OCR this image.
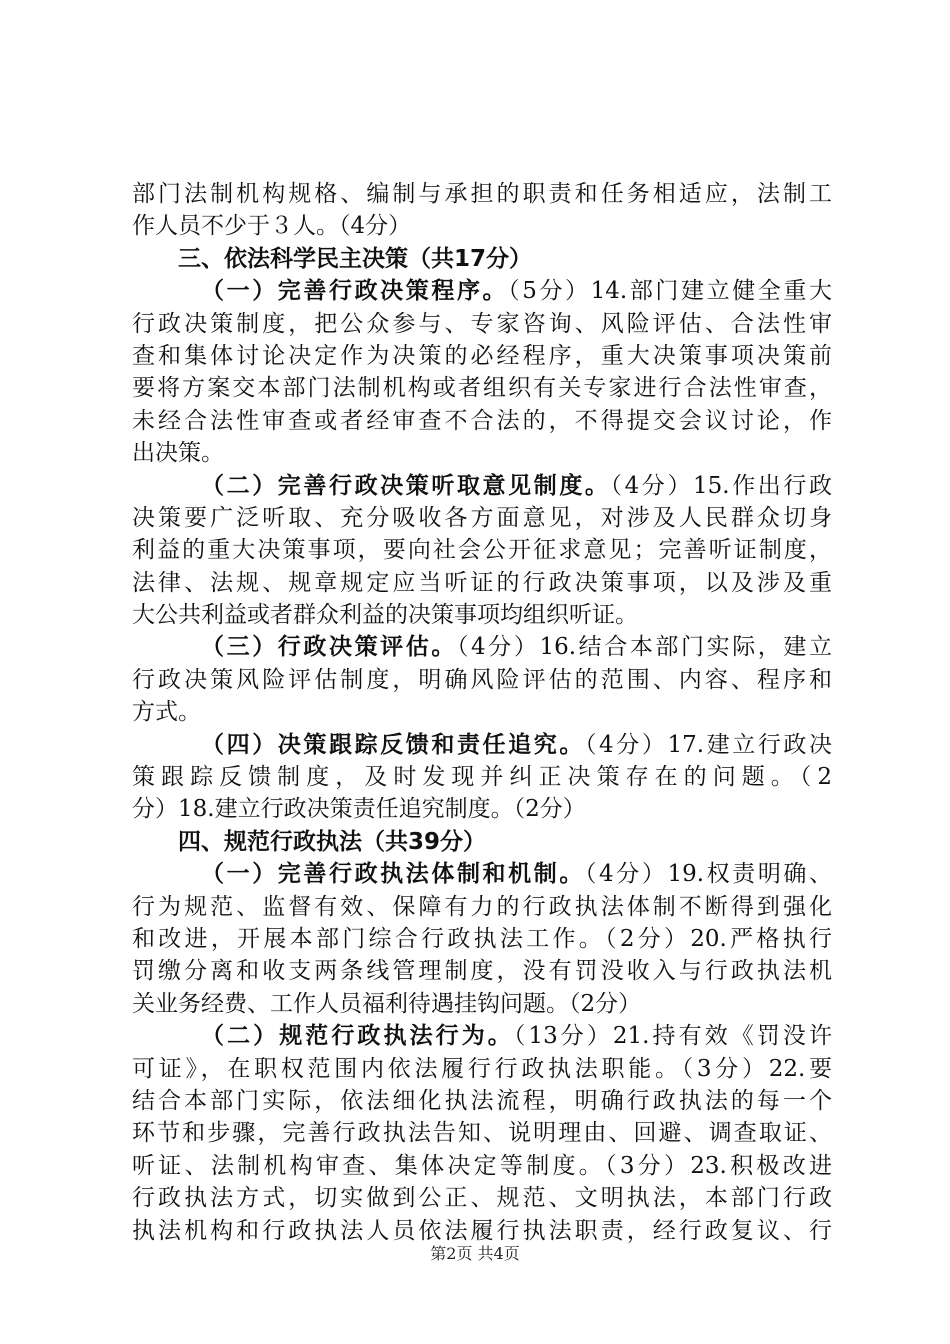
部门法制机构规格、编制与承担的职责和任务相适应，法制工
作人员不少于３人。（4分）
三、依法科学民主决策（共17分）
（一）完善行政决策程序。（5分）14.部门建立健全重大
行政决策制度，把公众参与、专家咨询、风险评估、合法性审
查和集体讨论决定作为决策的必经程序，重大决策事项决策前
要将方案交本部门法制机构或者组织有关专家进行合法性审查，
未经合法性审查或者经审查不合法的，不得提交会议讨论，作
出决策。
（二）完善行政决策听取意见制度。（4分）15.作出行政
决策要广泛听取、充分吸收各方面意见，对涉及人民群众切身
利益的重大决策事项，要向社会公开征求意见；完善听证制度，
法律、法规、规章规定应当听证的行政决策事项，以及涉及重
大公共利益或者群众利益的决策事项均组织听证。
（三）行政决策评估。（4分）16.结合本部门实际，建立
行政决策风险评估制度，明确风险评估的范围、内容、程序和
方式。
（四）决策跟踪反馈和责任追究。（4分）17.建立行政决
策跟踪反馈制度，及时发现并纠正决策存在的问题。（2
分）18.建立行政决策责任追究制度。（2分）
四、规范行政执法（共39分）
（一）完善行政执法体制和机制。（4分）19.权责明确、
行为规范、监督有效、保障有力的行政执法体制不断得到强化
和改进，开展本部门综合行政执法工作。（2分）20.严格执行
罚缴分离和收支两条线管理制度，没有罚没收入与行政执法机
关业务经费、工作人员福利待遇挂钩问题。（2分）
（二）规范行政执法行为。（13分）21.持有效《罚没许
可证》，在职权范围内依法履行行政执法职能。（3分）22.要
结合本部门实际，依法细化执法流程，明确行政执法的每一个
环节和步骤，完善行政执法告知、说明理由、回避、调查取证、
听证、法制机构审查、集体决定等制度。（3分）23.积极改进
行政执法方式，切实做到公正、规范、文明执法，本部门行政
执法机构和行政执法人员依法履行执法职责，经行政复议、行
第2页 共4页
